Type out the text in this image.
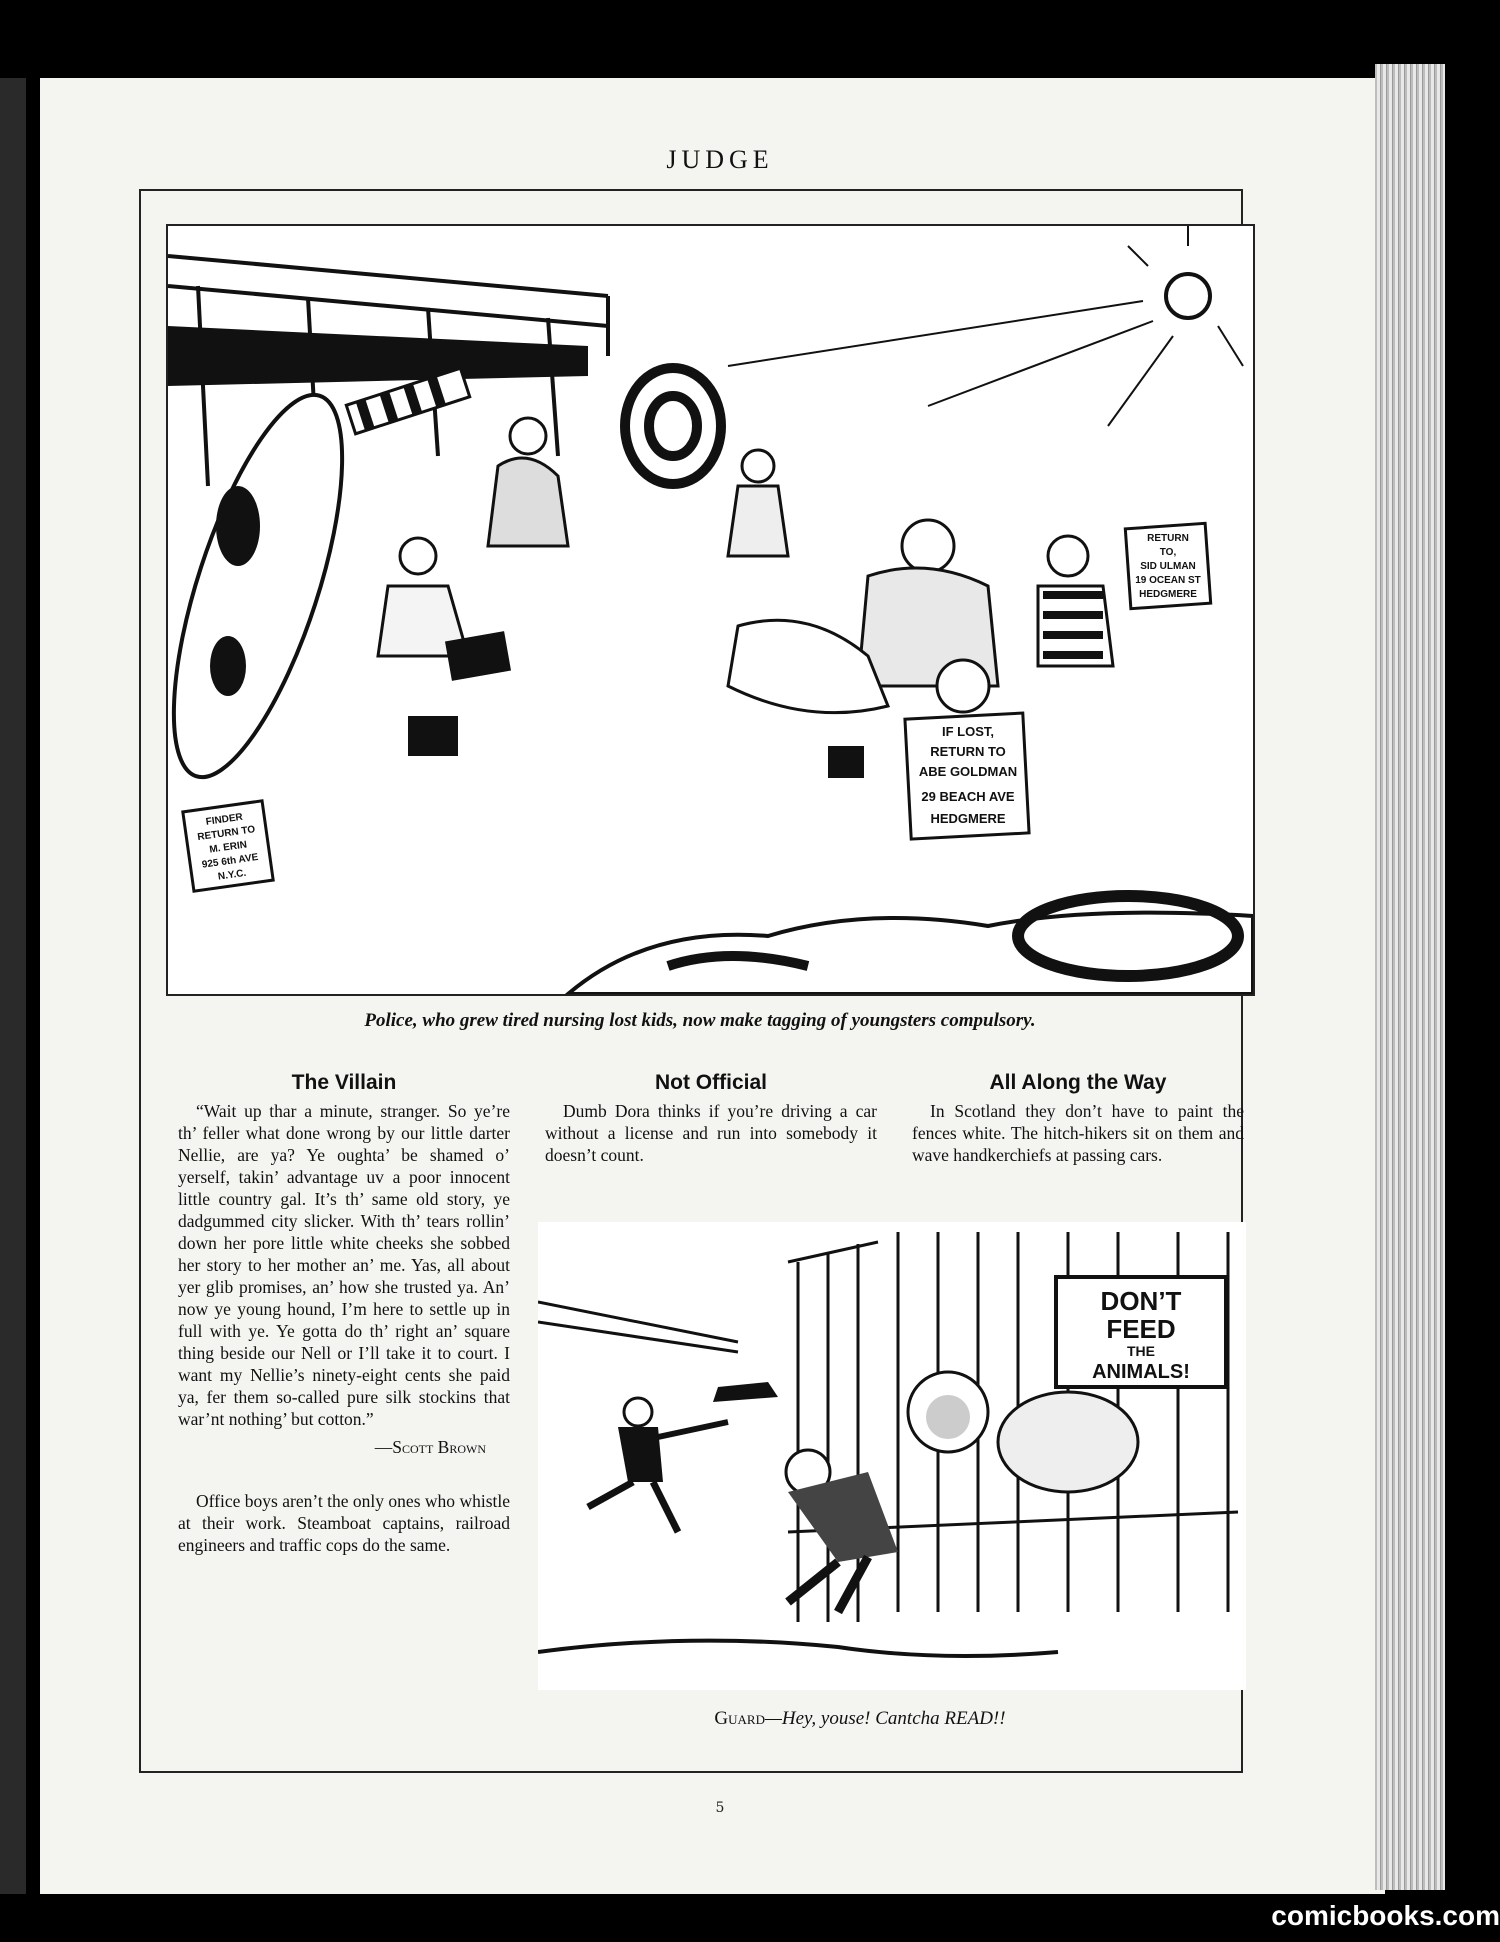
JUDGE
IF LOST,
RETURN TO
ABE GOLDMAN
29 BEACH AVE
HEDGMERE
RETURN
TO,
SID ULMAN
19 OCEAN ST
HEDGMERE
FINDER
RETURN TO
M. ERIN
925 6th AVE
N.Y.C.
Police, who grew tired nursing lost kids, now make tagging of youngsters compulsory.
The Villain

“Wait up thar a minute, stranger. So ye’re th’ feller what done wrong by our little darter Nellie, are ya? Ye oughta’ be shamed o’ yerself, takin’ advantage uv a poor innocent little country gal. It’s th’ same old story, ye dadgummed city slicker. With th’ tears rollin’ down her pore little white cheeks she sobbed her story to her mother an’ me. Yas, all about yer glib promises, an’ how she trusted ya. An’ now ye young hound, I’m here to settle up in full with ye. Ye gotta do th’ right an’ square thing beside our Nell or I’ll take it to court. I want my Nellie’s ninety-eight cents she paid ya, fer them so-called pure silk stockins that war’nt nothing’ but cotton.”

—Scott Brown

Office boys aren’t the only ones who whistle at their work. Steamboat captains, railroad engineers and traffic cops do the same.

Not Official

Dumb Dora thinks if you’re driving a car without a license and run into somebody it doesn’t count.

All Along the Way

In Scotland they don’t have to paint the fences white. The hitch-hikers sit on them and wave handkerchiefs at passing cars.

DON’T
FEED
THE
ANIMALS!
Guard—Hey, youse! Cantcha READ!!
5
comicbooks.com
